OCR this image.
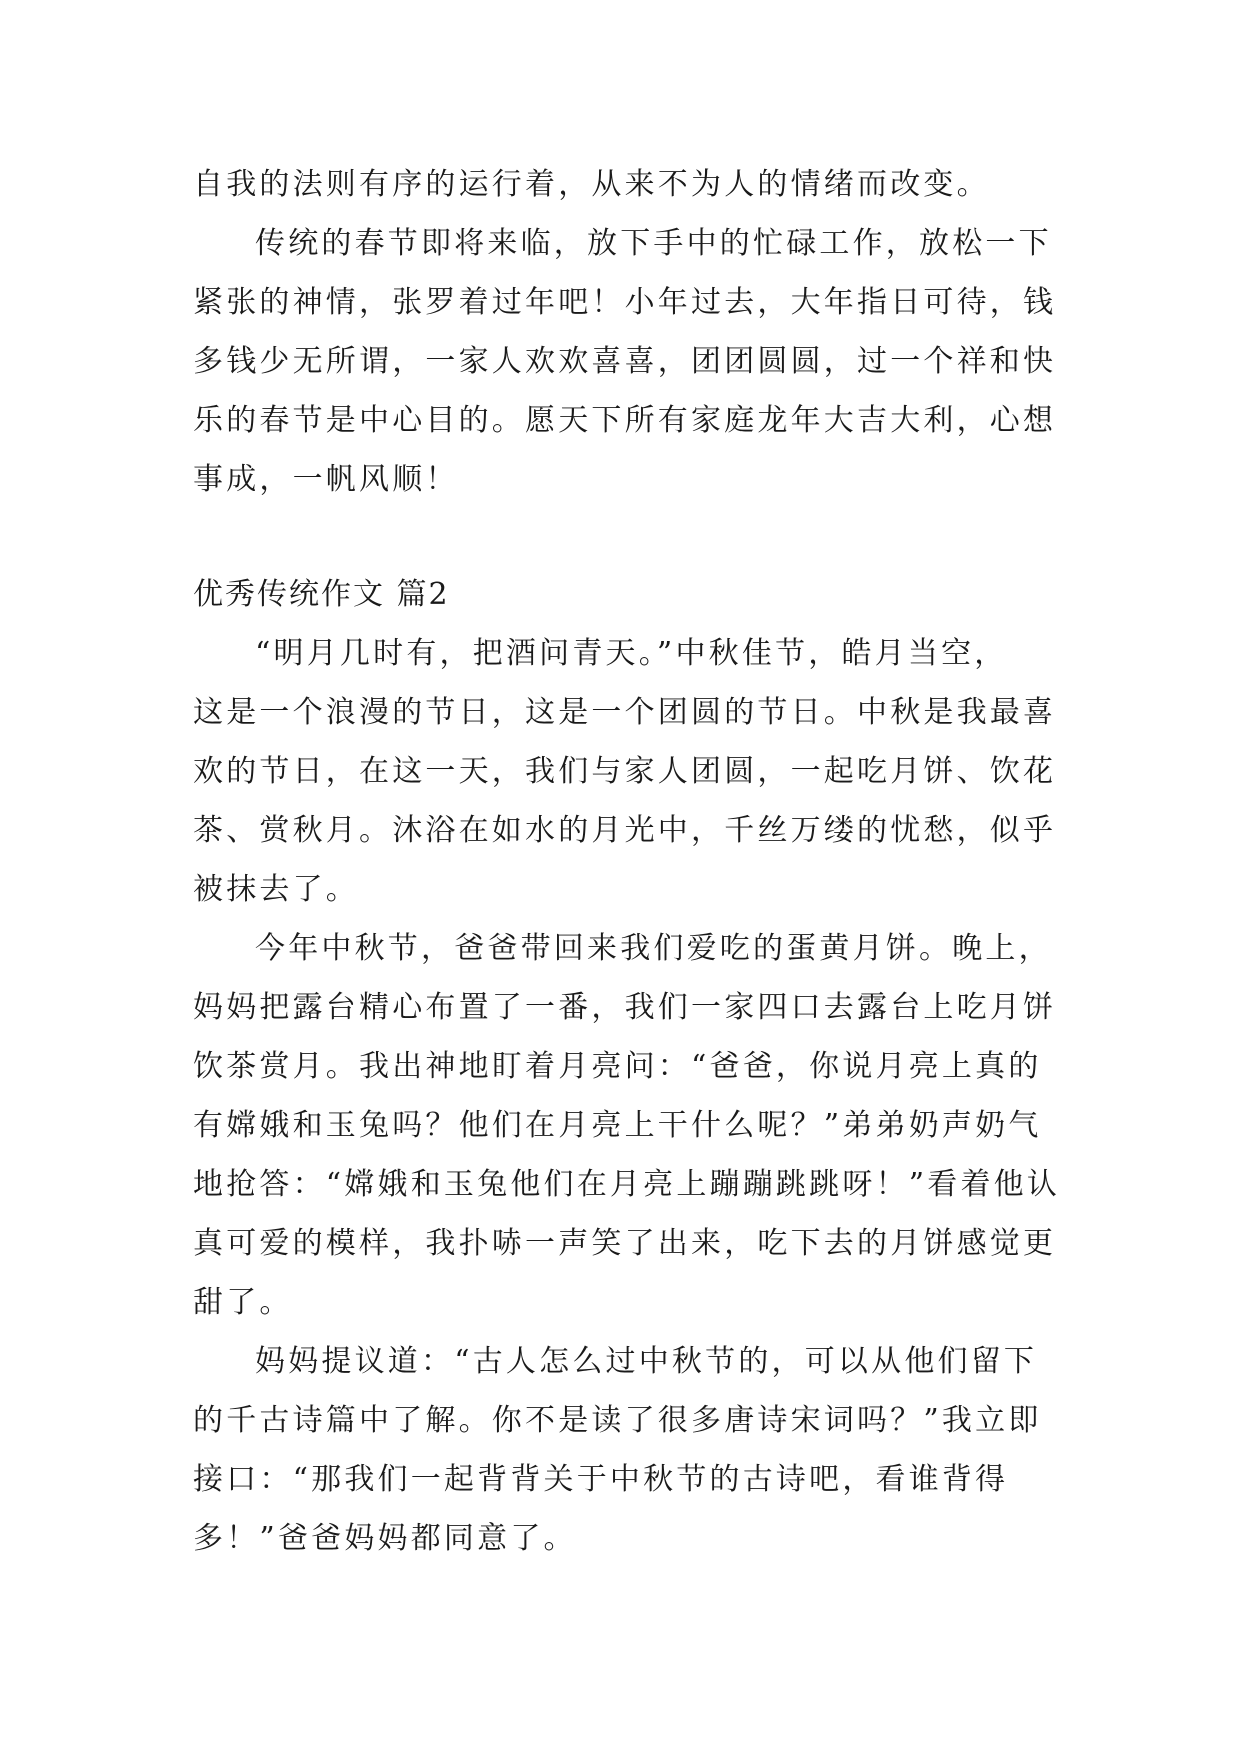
自我的法则有序的运行着，从来不为人的情绪而改变。
传统的春节即将来临，放下手中的忙碌工作，放松一下
紧张的神情，张罗着过年吧！小年过去，大年指日可待，钱
多钱少无所谓，一家人欢欢喜喜，团团圆圆，过一个祥和快
乐的春节是中心目的。愿天下所有家庭龙年大吉大利，心想
事成，一帆风顺！
优秀传统作文 篇2
“明月几时有，把酒问青天。”中秋佳节，皓月当空，
这是一个浪漫的节日，这是一个团圆的节日。中秋是我最喜
欢的节日，在这一天，我们与家人团圆，一起吃月饼、饮花
茶、赏秋月。沐浴在如水的月光中，千丝万缕的忧愁，似乎
被抹去了。
今年中秋节，爸爸带回来我们爱吃的蛋黄月饼。晚上，
妈妈把露台精心布置了一番，我们一家四口去露台上吃月饼
饮茶赏月。我出神地盯着月亮问：“爸爸，你说月亮上真的
有嫦娥和玉兔吗？他们在月亮上干什么呢？”弟弟奶声奶气
地抢答：“嫦娥和玉兔他们在月亮上蹦蹦跳跳呀！”看着他认
真可爱的模样，我扑哧一声笑了出来，吃下去的月饼感觉更
甜了。
妈妈提议道：“古人怎么过中秋节的，可以从他们留下
的千古诗篇中了解。你不是读了很多唐诗宋词吗？”我立即
接口：“那我们一起背背关于中秋节的古诗吧，看谁背得
多！”爸爸妈妈都同意了。
